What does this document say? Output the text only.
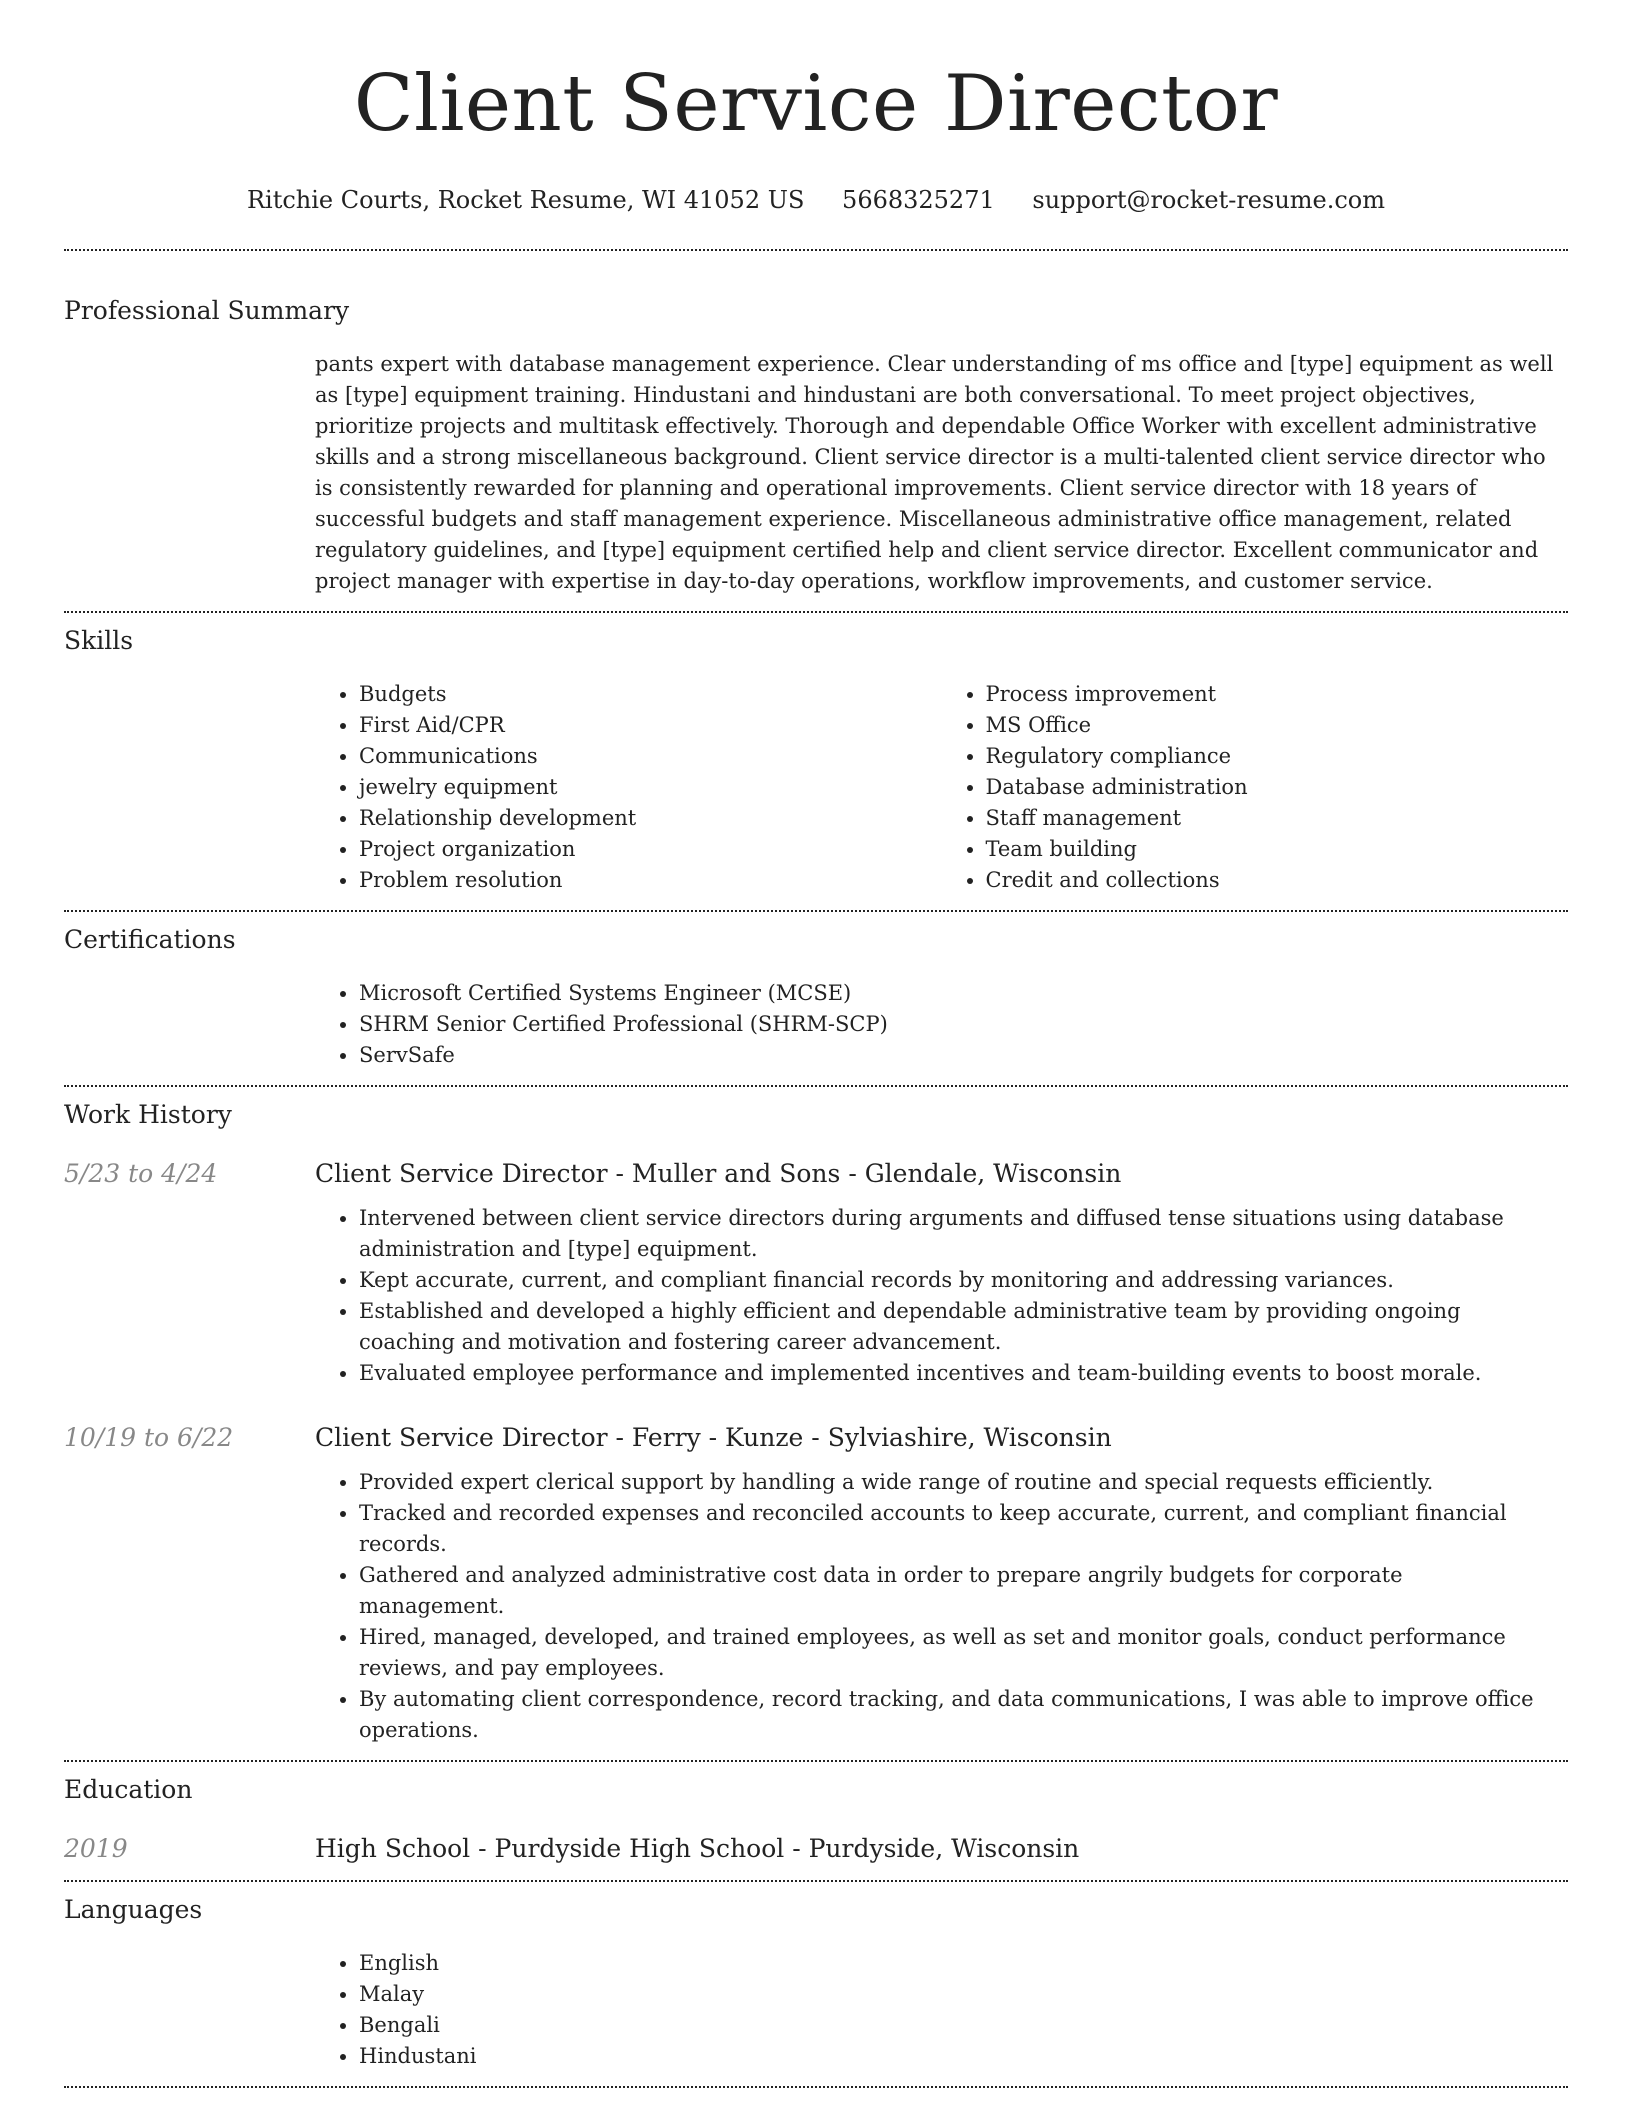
Client Service Director
Ritchie Courts, Rocket Resume, WI 41052 US 5668325271 support@rocket-resume.com
Professional Summary
pants expert with database management experience. Clear understanding of ms office and [type] equipment as well as [type] equipment training. Hindustani and hindustani are both conversational. To meet project objectives, prioritize projects and multitask effectively. Thorough and dependable Office Worker with excellent administrative skills and a strong miscellaneous background. Client service director is a multi-talented client service director who is consistently rewarded for planning and operational improvements. Client service director with 18 years of successful budgets and staff management experience. Miscellaneous administrative office management, related regulatory guidelines, and [type] equipment certified help and client service director. Excellent communicator and project manager with expertise in day-to-day operations, workflow improvements, and customer service.
Skills
• Budgets
• First Aid/CPR
• Communications
• jewelry equipment
• Relationship development
• Project organization
• Problem resolution
• Process improvement
• MS Office
• Regulatory compliance
• Database administration
• Staff management
• Team building
• Credit and collections
Certifications
• Microsoft Certified Systems Engineer (MCSE)
• SHRM Senior Certified Professional (SHRM-SCP)
• ServSafe
Work History
5/23 to 4/24	Client Service Director - Muller and Sons - Glendale, Wisconsin
• Intervened between client service directors during arguments and diffused tense situations using database administration and [type] equipment.
• Kept accurate, current, and compliant financial records by monitoring and addressing variances.
• Established and developed a highly efficient and dependable administrative team by providing ongoing coaching and motivation and fostering career advancement.
• Evaluated employee performance and implemented incentives and team-building events to boost morale.
10/19 to 6/22	Client Service Director - Ferry - Kunze - Sylviashire, Wisconsin
• Provided expert clerical support by handling a wide range of routine and special requests efficiently.
• Tracked and recorded expenses and reconciled accounts to keep accurate, current, and compliant financial records.
• Gathered and analyzed administrative cost data in order to prepare angrily budgets for corporate management.
• Hired, managed, developed, and trained employees, as well as set and monitor goals, conduct performance reviews, and pay employees.
• By automating client correspondence, record tracking, and data communications, I was able to improve office operations.
Education
2019	High School - Purdyside High School - Purdyside, Wisconsin
Languages
• English
• Malay
• Bengali
• Hindustani
